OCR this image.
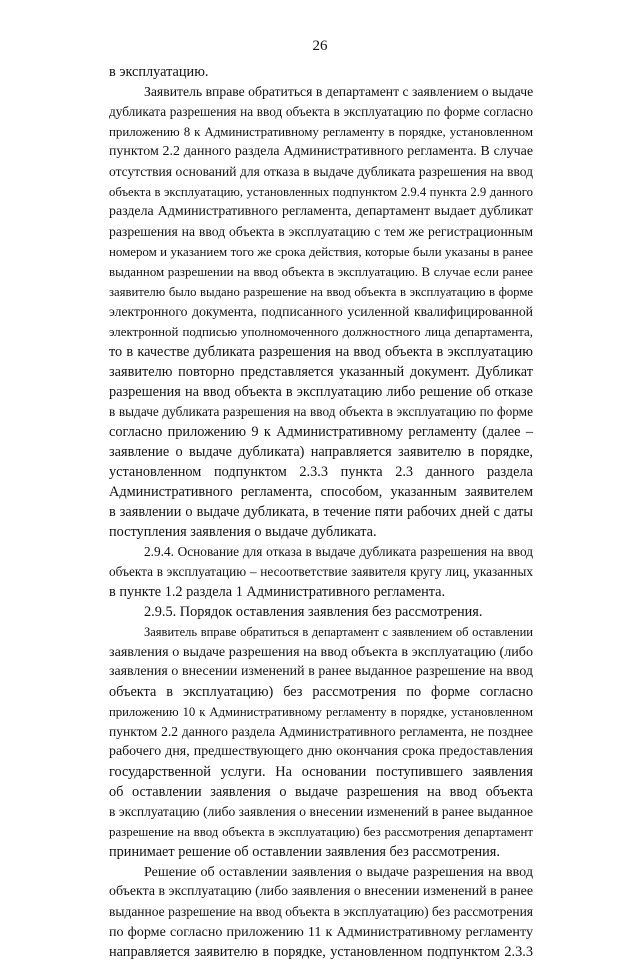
26
в эксплуатацию.
Заявитель вправе обратиться в департамент с заявлением о выдаче
дубликата разрешения на ввод объекта в эксплуатацию по форме согласно
приложению 8 к Административному регламенту в порядке, установленном
пунктом 2.2 данного раздела Административного регламента. В случае
отсутствия оснований для отказа в выдаче дубликата разрешения на ввод
объекта в эксплуатацию, установленных подпунктом 2.9.4 пункта 2.9 данного
раздела Административного регламента, департамент выдает дубликат
разрешения на ввод объекта в эксплуатацию с тем же регистрационным
номером и указанием того же срока действия, которые были указаны в ранее
выданном разрешении на ввод объекта в эксплуатацию. В случае если ранее
заявителю было выдано разрешение на ввод объекта в эксплуатацию в форме
электронного документа, подписанного усиленной квалифицированной
электронной подписью уполномоченного должностного лица департамента,
то в качестве дубликата разрешения на ввод объекта в эксплуатацию
заявителю повторно представляется указанный документ. Дубликат
разрешения на ввод объекта в эксплуатацию либо решение об отказе
в выдаче дубликата разрешения на ввод объекта в эксплуатацию по форме
согласно приложению 9 к Административному регламенту (далее –
заявление о выдаче дубликата) направляется заявителю в порядке,
установленном подпунктом 2.3.3 пункта 2.3 данного раздела
Административного регламента, способом, указанным заявителем
в заявлении о выдаче дубликата, в течение пяти рабочих дней с даты
поступления заявления о выдаче дубликата.
2.9.4. Основание для отказа в выдаче дубликата разрешения на ввод
объекта в эксплуатацию – несоответствие заявителя кругу лиц, указанных
в пункте 1.2 раздела 1 Административного регламента.
2.9.5. Порядок оставления заявления без рассмотрения.
Заявитель вправе обратиться в департамент с заявлением об оставлении
заявления о выдаче разрешения на ввод объекта в эксплуатацию (либо
заявления о внесении изменений в ранее выданное разрешение на ввод
объекта в эксплуатацию) без рассмотрения по форме согласно
приложению 10 к Административному регламенту в порядке, установленном
пунктом 2.2 данного раздела Административного регламента, не позднее
рабочего дня, предшествующего дню окончания срока предоставления
государственной услуги. На основании поступившего заявления
об оставлении заявления о выдаче разрешения на ввод объекта
в эксплуатацию (либо заявления о внесении изменений в ранее выданное
разрешение на ввод объекта в эксплуатацию) без рассмотрения департамент
принимает решение об оставлении заявления без рассмотрения.
Решение об оставлении заявления о выдаче разрешения на ввод
объекта в эксплуатацию (либо заявления о внесении изменений в ранее
выданное разрешение на ввод объекта в эксплуатацию) без рассмотрения
по форме согласно приложению 11 к Административному регламенту
направляется заявителю в порядке, установленном подпунктом 2.3.3
